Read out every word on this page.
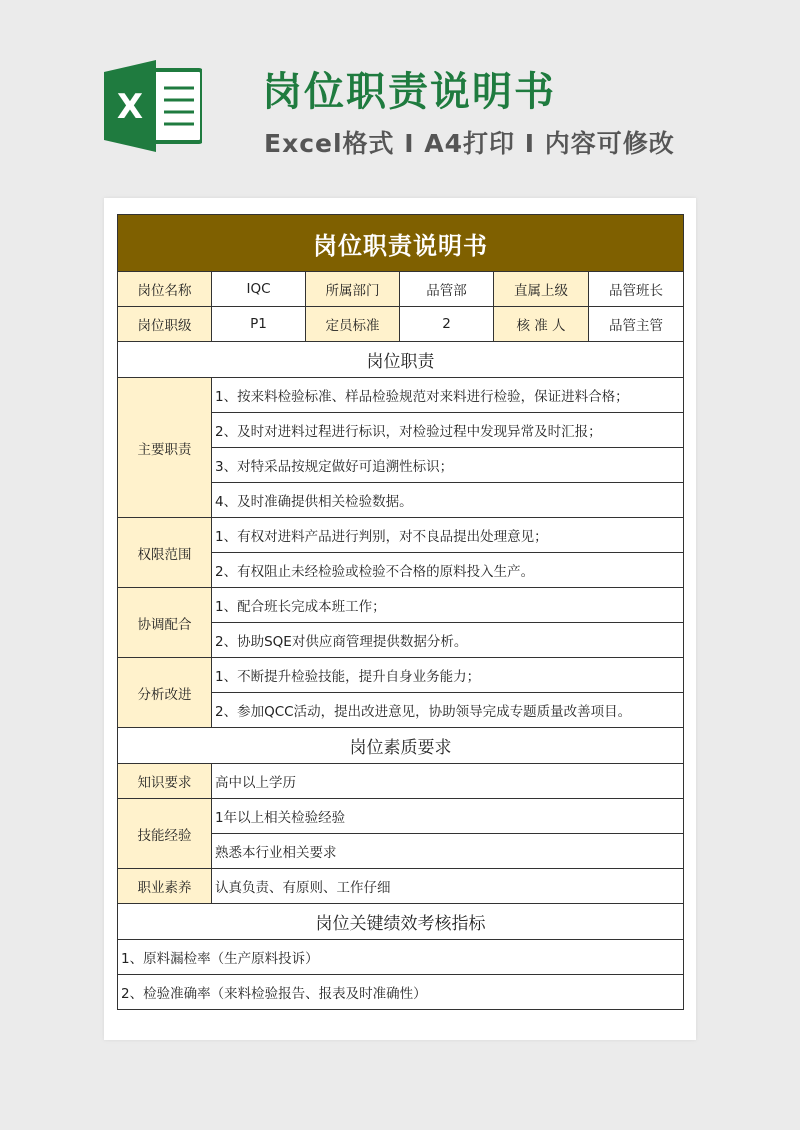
X	岗位职责说明书
Excel格式 I A4打印 I 内容可修改
岗位职责说明书					
岗位名称	IQC	所属部门	品管部	直属上级	品管班长
岗位职级	P1	定员标准	2	核 准 人	品管主管
岗位职责					
主要职责	1、按来料检验标准、样品检验规范对来料进行检验，保证进料合格；				
	2、及时对进料过程进行标识，对检验过程中发现异常及时汇报；				
	3、对特采品按规定做好可追溯性标识；				
	4、及时准确提供相关检验数据。				
权限范围	1、有权对进料产品进行判别，对不良品提出处理意见；				
	2、有权阻止未经检验或检验不合格的原料投入生产。				
协调配合	1、配合班长完成本班工作；				
	2、协助SQE对供应商管理提供数据分析。				
分析改进	1、不断提升检验技能，提升自身业务能力；				
	2、参加QCC活动，提出改进意见，协助领导完成专题质量改善项目。				
岗位素质要求					
知识要求	高中以上学历				
技能经验	1年以上相关检验经验				
	熟悉本行业相关要求				
职业素养	认真负责、有原则、工作仔细				
岗位关键绩效考核指标					
1、原料漏检率（生产原料投诉）					
2、检验准确率（来料检验报告、报表及时准确性）					
